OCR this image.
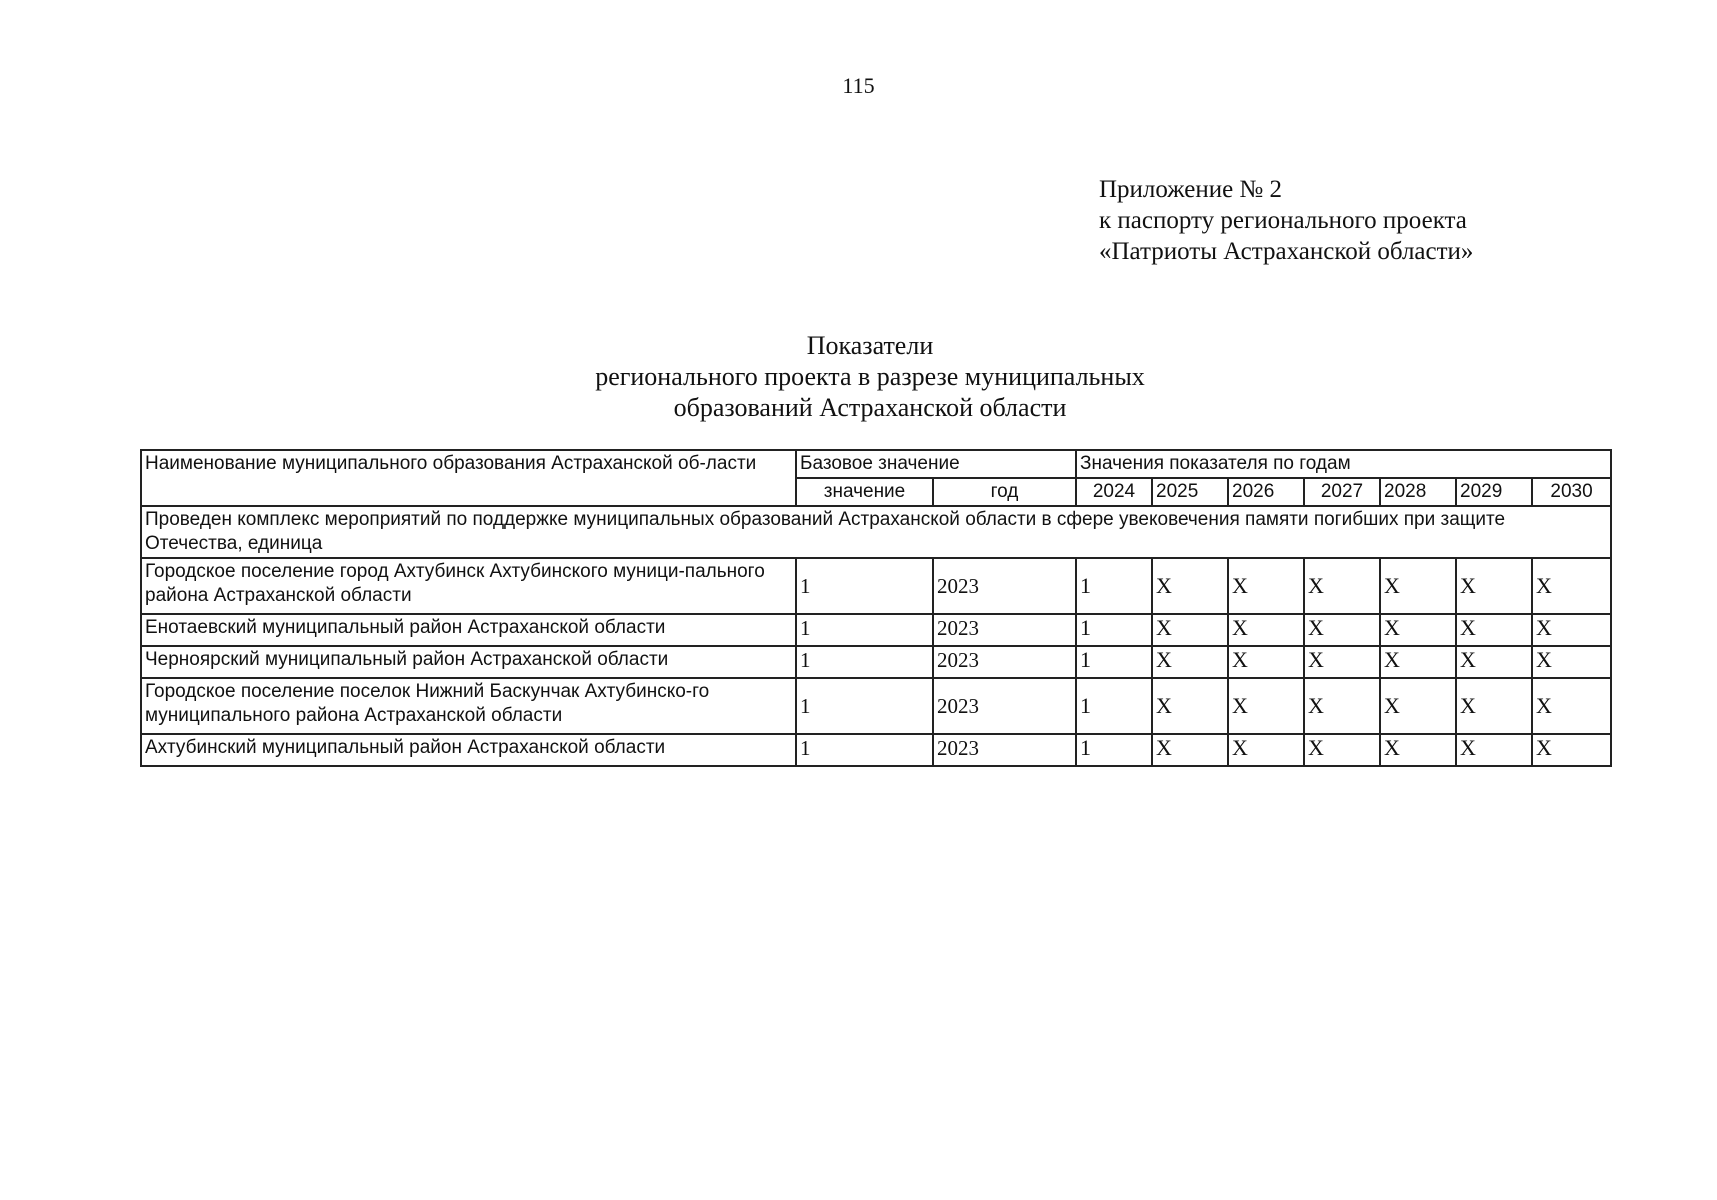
115
Приложение № 2
к паспорту регионального проекта
«Патриоты Астраханской области»
Показатели
регионального проекта в разрезе муниципальных
образований Астраханской области
Наименование муниципального образования Астраханской об-ласти	Базовое значение		Значения показателя по годам						
	значение	год	2024	2025	2026	2027	2028	2029	2030
Проведен комплекс мероприятий по поддержке муниципальных образований Астраханской области в сфере увековечения памяти погибших при защите Отечества, единица									
Городское поселение город Ахтубинск Ахтубинского муници-пального района Астраханской области	1	2023	1	X	X	X	X	X	X
Енотаевский муниципальный район Астраханской области	1	2023	1	X	X	X	X	X	X
Черноярский муниципальный район Астраханской области	1	2023	1	X	X	X	X	X	X
Городское поселение поселок Нижний Баскунчак Ахтубинско-го муниципального района Астраханской области	1	2023	1	X	X	X	X	X	X
Ахтубинский муниципальный район Астраханской области	1	2023	1	X	X	X	X	X	X
